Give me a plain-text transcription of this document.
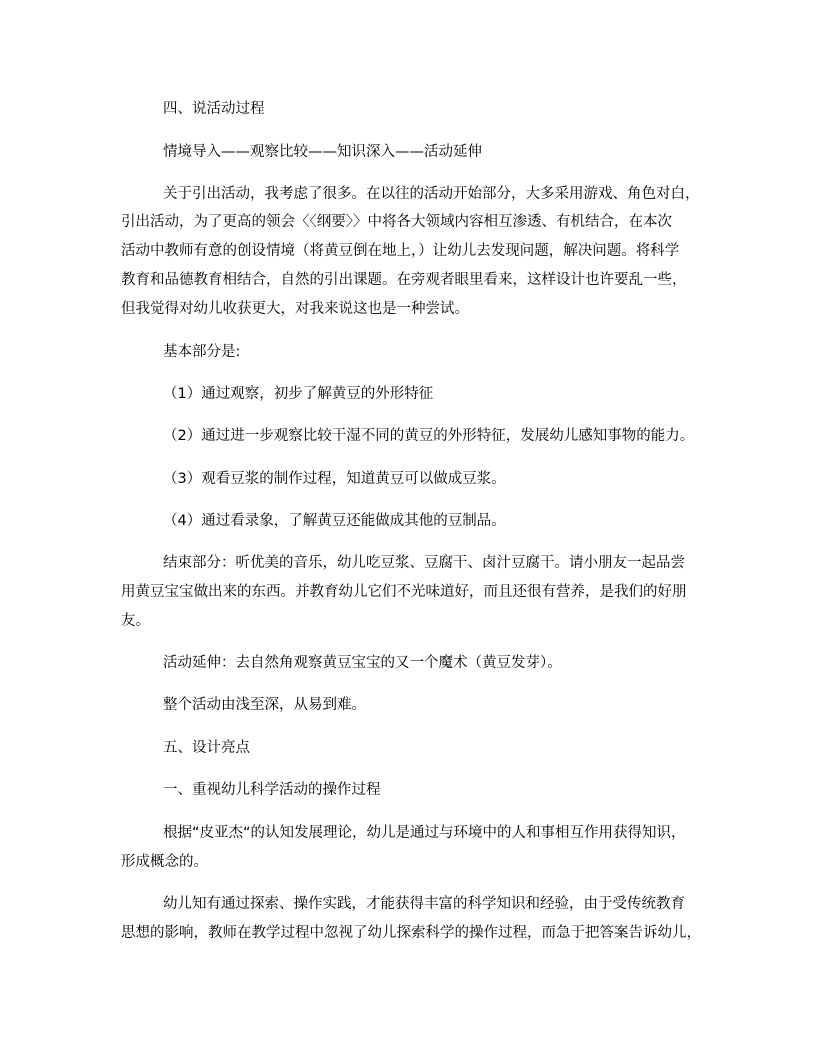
四、说活动过程

情境导入——观察比较——知识深入——活动延伸

关于引出活动，我考虑了很多。在以往的活动开始部分，大多采用游戏、角色对白，

引出活动，为了更高的领会〈〈纲要〉〉中将各大领域内容相互渗透、有机结合，在本次

活动中教师有意的创设情境（将黄豆倒在地上，）让幼儿去发现问题，解决问题。将科学

教育和品德教育相结合，自然的引出课题。在旁观者眼里看来，这样设计也许要乱一些，

但我觉得对幼儿收获更大，对我来说这也是一种尝试。

基本部分是:

（1）通过观察，初步了解黄豆的外形特征

（2）通过进一步观察比较干湿不同的黄豆的外形特征，发展幼儿感知事物的能力。

（3）观看豆浆的制作过程，知道黄豆可以做成豆浆。

（4）通过看录象，了解黄豆还能做成其他的豆制品。

结束部分：听优美的音乐，幼儿吃豆浆、豆腐干、卤汁豆腐干。请小朋友一起品尝

用黄豆宝宝做出来的东西。并教育幼儿它们不光味道好，而且还很有营养，是我们的好朋

友。

活动延伸：去自然角观察黄豆宝宝的又一个魔术（黄豆发芽）。

整个活动由浅至深，从易到难。

五、设计亮点

一、重视幼儿科学活动的操作过程

根据“皮亚杰“的认知发展理论，幼儿是通过与环境中的人和事相互作用获得知识，

形成概念的。

幼儿知有通过探索、操作实践，才能获得丰富的科学知识和经验，由于受传统教育

思想的影响，教师在教学过程中忽视了幼儿探索科学的操作过程，而急于把答案告诉幼儿，
